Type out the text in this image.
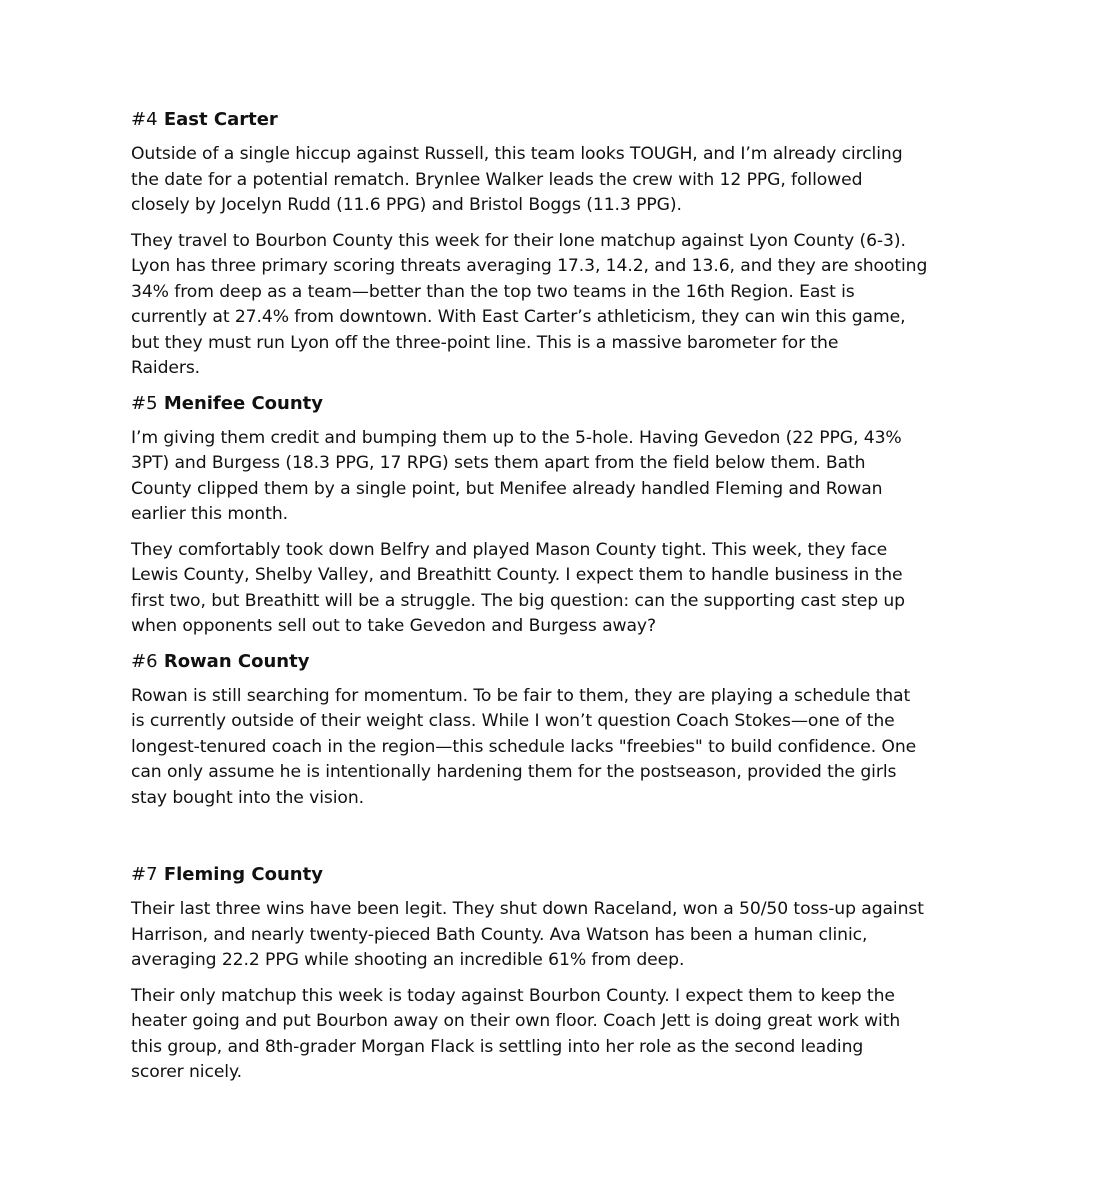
#4 East Carter

Outside of a single hiccup against Russell, this team looks TOUGH, and I’m already circling
the date for a potential rematch. Brynlee Walker leads the crew with 12 PPG, followed
closely by Jocelyn Rudd (11.6 PPG) and Bristol Boggs (11.3 PPG).

They travel to Bourbon County this week for their lone matchup against Lyon County (6-3).
Lyon has three primary scoring threats averaging 17.3, 14.2, and 13.6, and they are shooting
34% from deep as a team—better than the top two teams in the 16th Region. East is
currently at 27.4% from downtown. With East Carter’s athleticism, they can win this game,
but they must run Lyon off the three-point line. This is a massive barometer for the
Raiders.

#5 Menifee County

I’m giving them credit and bumping them up to the 5-hole. Having Gevedon (22 PPG, 43%
3PT) and Burgess (18.3 PPG, 17 RPG) sets them apart from the field below them. Bath
County clipped them by a single point, but Menifee already handled Fleming and Rowan
earlier this month.

They comfortably took down Belfry and played Mason County tight. This week, they face
Lewis County, Shelby Valley, and Breathitt County. I expect them to handle business in the
first two, but Breathitt will be a struggle. The big question: can the supporting cast step up
when opponents sell out to take Gevedon and Burgess away?

#6 Rowan County

Rowan is still searching for momentum. To be fair to them, they are playing a schedule that
is currently outside of their weight class. While I won’t question Coach Stokes—one of the
longest-tenured coach in the region—this schedule lacks "freebies" to build confidence. One
can only assume he is intentionally hardening them for the postseason, provided the girls
stay bought into the vision.

#7 Fleming County

Their last three wins have been legit. They shut down Raceland, won a 50/50 toss-up against
Harrison, and nearly twenty-pieced Bath County. Ava Watson has been a human clinic,
averaging 22.2 PPG while shooting an incredible 61% from deep.

Their only matchup this week is today against Bourbon County. I expect them to keep the
heater going and put Bourbon away on their own floor. Coach Jett is doing great work with
this group, and 8th-grader Morgan Flack is settling into her role as the second leading
scorer nicely.
